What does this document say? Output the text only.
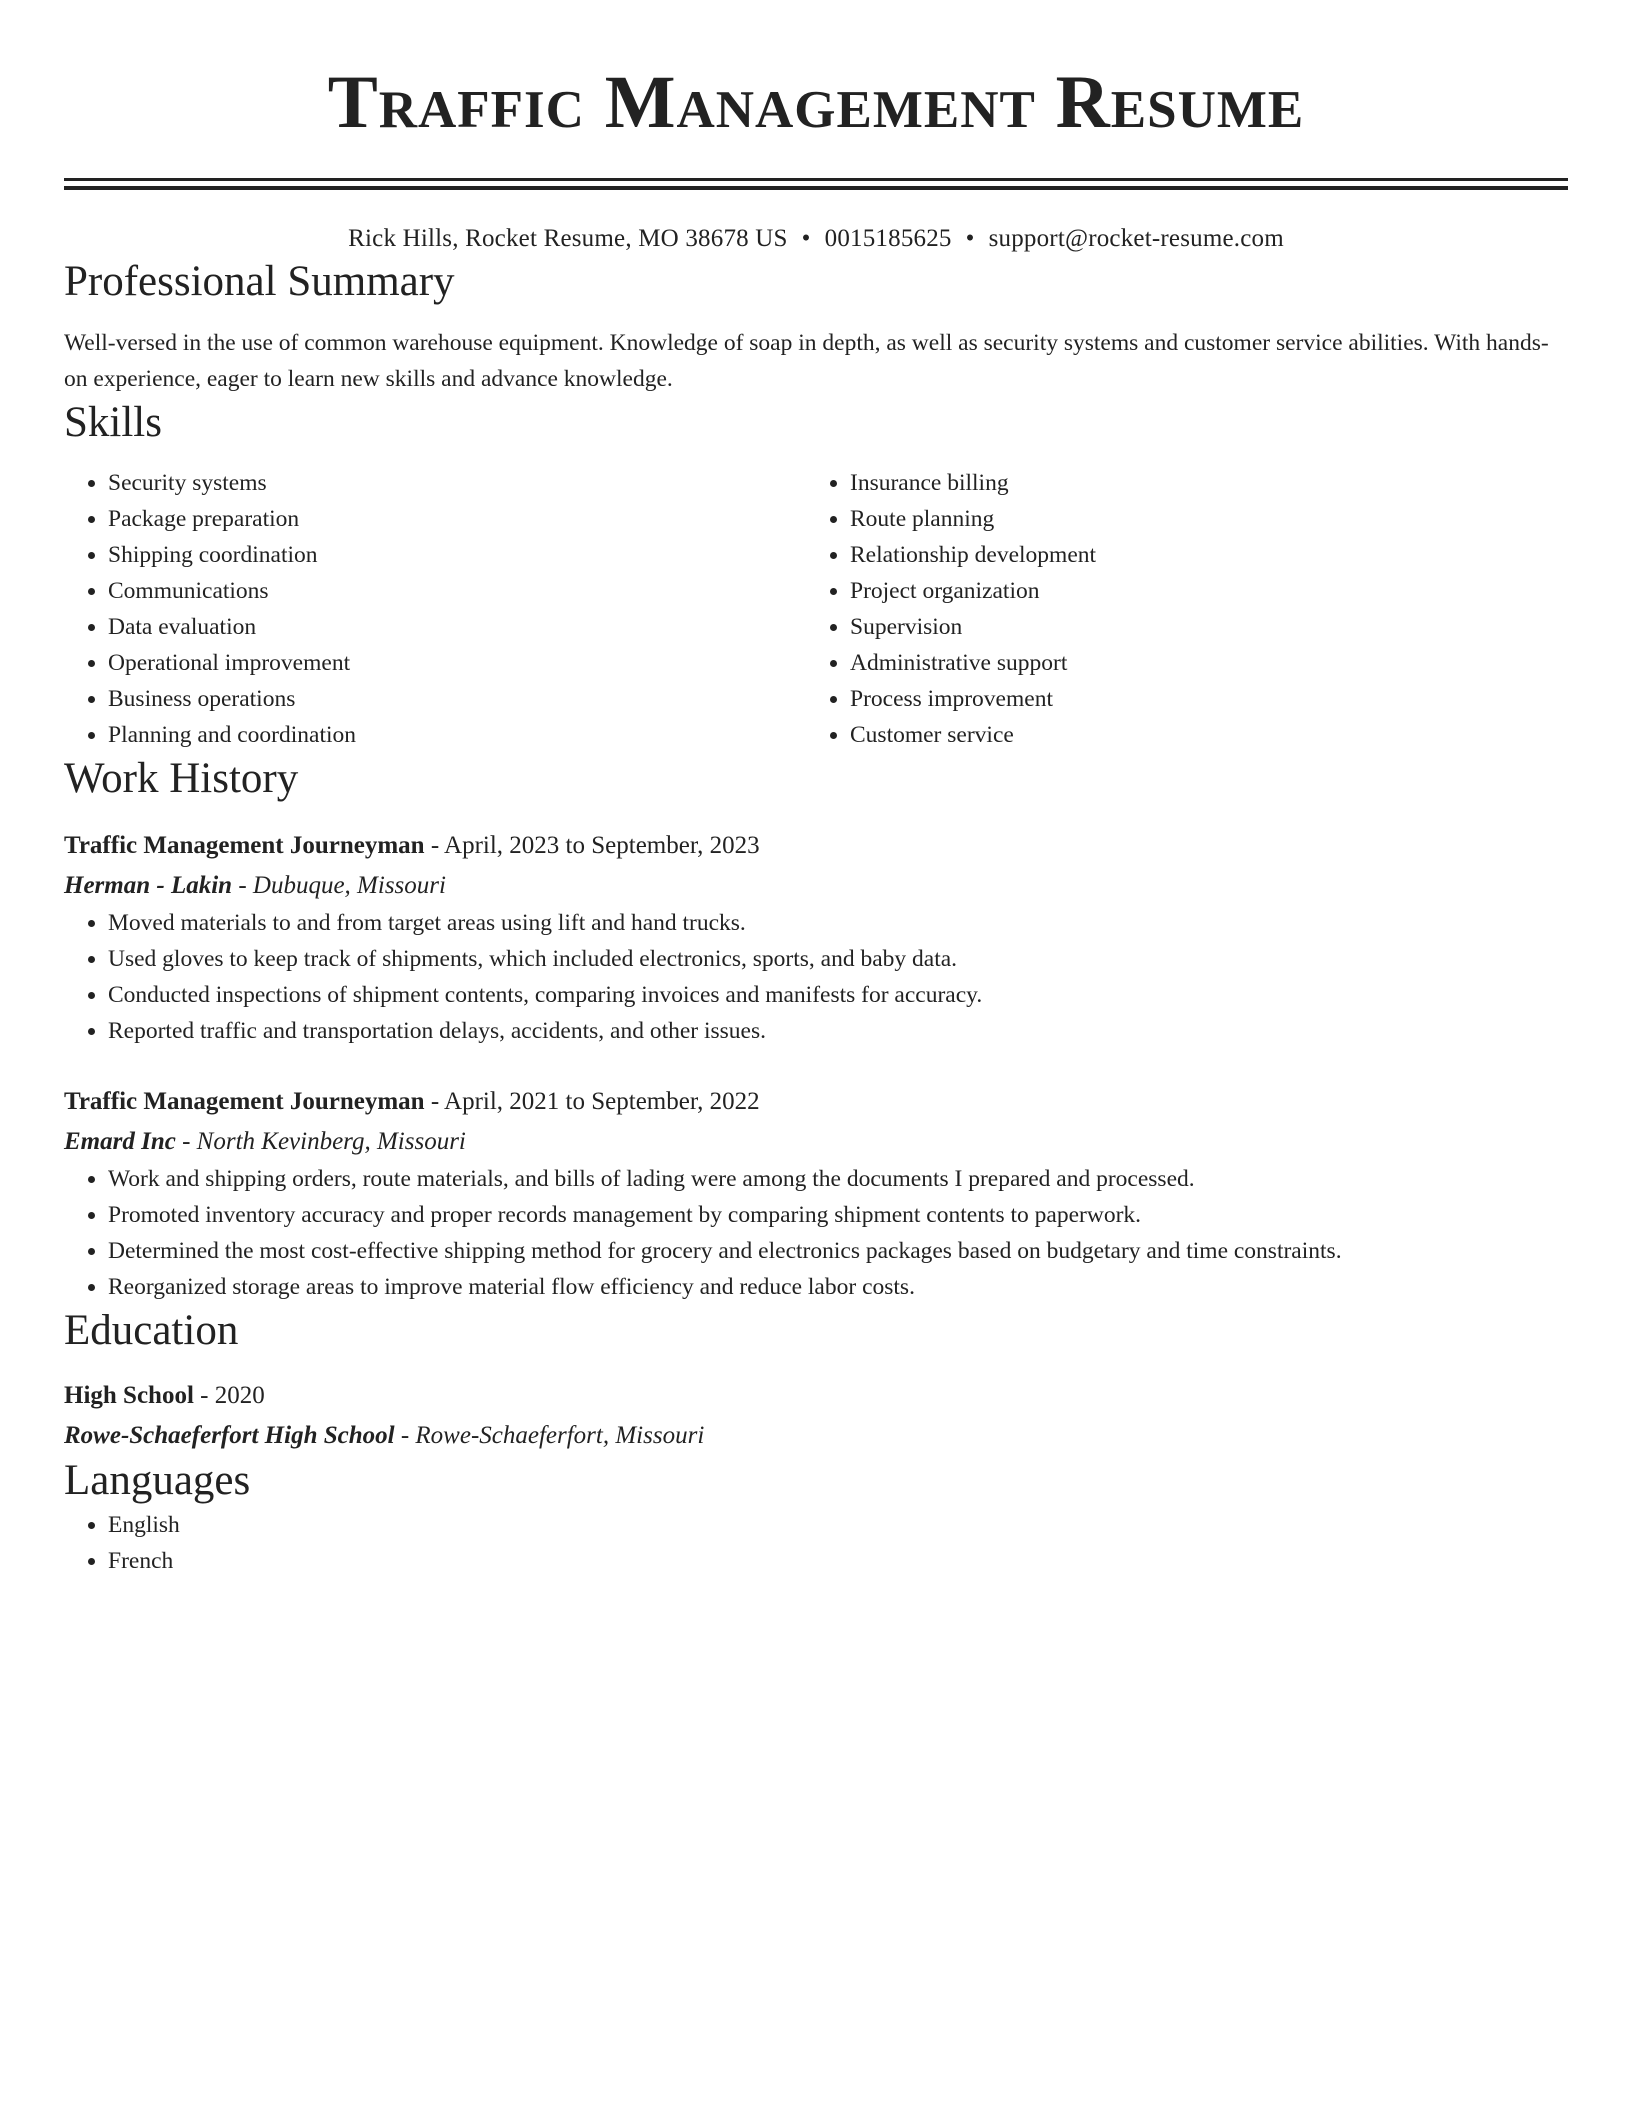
Traffic Management Resume
Rick Hills, Rocket Resume, MO 38678 US • 0015185625 • support@rocket-resume.com
Professional Summary
Well-versed in the use of common warehouse equipment. Knowledge of soap in depth, as well as security systems and customer service abilities. With hands-on experience, eager to learn new skills and advance knowledge.
Skills
• Security systems
• Package preparation
• Shipping coordination
• Communications
• Data evaluation
• Operational improvement
• Business operations
• Planning and coordination
• Insurance billing
• Route planning
• Relationship development
• Project organization
• Supervision
• Administrative support
• Process improvement
• Customer service
Work History
Traffic Management Journeyman - April, 2023 to September, 2023
Herman - Lakin - Dubuque, Missouri
• Moved materials to and from target areas using lift and hand trucks.
• Used gloves to keep track of shipments, which included electronics, sports, and baby data.
• Conducted inspections of shipment contents, comparing invoices and manifests for accuracy.
• Reported traffic and transportation delays, accidents, and other issues.
Traffic Management Journeyman - April, 2021 to September, 2022
Emard Inc - North Kevinberg, Missouri
• Work and shipping orders, route materials, and bills of lading were among the documents I prepared and processed.
• Promoted inventory accuracy and proper records management by comparing shipment contents to paperwork.
• Determined the most cost-effective shipping method for grocery and electronics packages based on budgetary and time constraints.
• Reorganized storage areas to improve material flow efficiency and reduce labor costs.
Education
High School - 2020
Rowe-Schaeferfort High School - Rowe-Schaeferfort, Missouri
Languages
• English
• French
